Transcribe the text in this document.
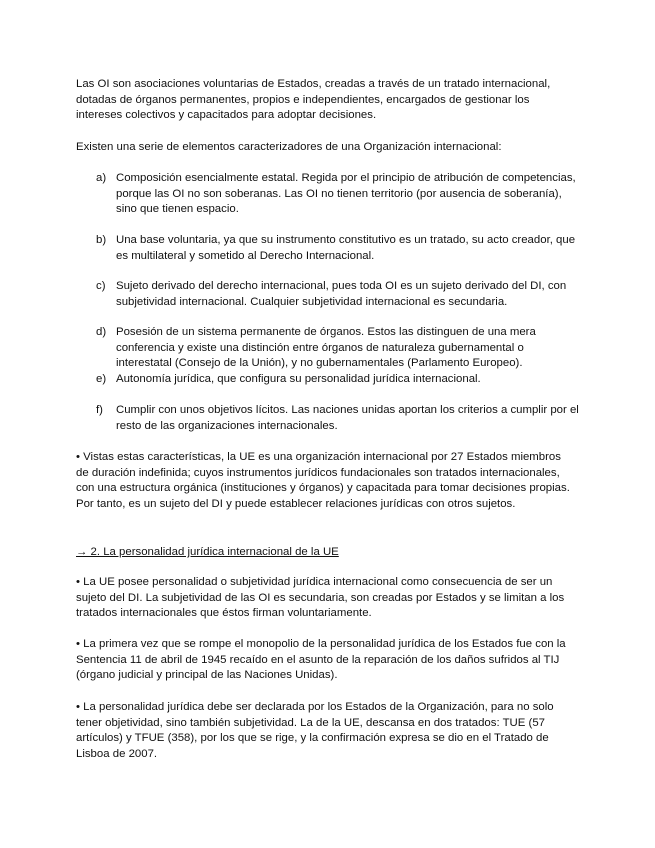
Las OI son asociaciones voluntarias de Estados, creadas a través de un tratado internacional, dotadas de órganos permanentes, propios e independientes, encargados de gestionar los intereses colectivos y capacitados para adoptar decisiones.

Existen una serie de elementos caracterizadores de una Organización internacional:

a) Composición esencialmente estatal. Regida por el principio de atribución de competencias, porque las OI no son soberanas. Las OI no tienen territorio (por ausencia de soberanía), sino que tienen espacio.
b) Una base voluntaria, ya que su instrumento constitutivo es un tratado, su acto creador, que es multilateral y sometido al Derecho Internacional.
c) Sujeto derivado del derecho internacional, pues toda OI es un sujeto derivado del DI, con subjetividad internacional. Cualquier subjetividad internacional es secundaria.
d) Posesión de un sistema permanente de órganos. Estos las distinguen de una mera conferencia y existe una distinción entre órganos de naturaleza gubernamental o interestatal (Consejo de la Unión), y no gubernamentales (Parlamento Europeo).
e) Autonomía jurídica, que configura su personalidad jurídica internacional.
f)	Cumplir con unos objetivos lícitos. Las naciones unidas aportan los criterios a cumplir por el resto de las organizaciones internacionales.

• Vistas estas características, la UE es una organización internacional por 27 Estados miembros de duración indefinida; cuyos instrumentos jurídicos fundacionales son tratados internacionales, con una estructura orgánica (instituciones y órganos) y capacitada para tomar decisiones propias. Por tanto, es un sujeto del DI y puede establecer relaciones jurídicas con otros sujetos.

→ 2. La personalidad jurídica internacional de la UE

• La UE posee personalidad o subjetividad jurídica internacional como consecuencia de ser un sujeto del DI. La subjetividad de las OI es secundaria, son creadas por Estados y se limitan a los tratados internacionales que éstos firman voluntariamente.

• La primera vez que se rompe el monopolio de la personalidad jurídica de los Estados fue con la Sentencia 11 de abril de 1945 recaído en el asunto de la reparación de los daños sufridos al TIJ (órgano judicial y principal de las Naciones Unidas).

• La personalidad jurídica debe ser declarada por los Estados de la Organización, para no solo tener objetividad, sino también subjetividad. La de la UE, descansa en dos tratados: TUE (57 artículos) y TFUE (358), por los que se rige, y la confirmación expresa se dio en el Tratado de Lisboa de 2007.
